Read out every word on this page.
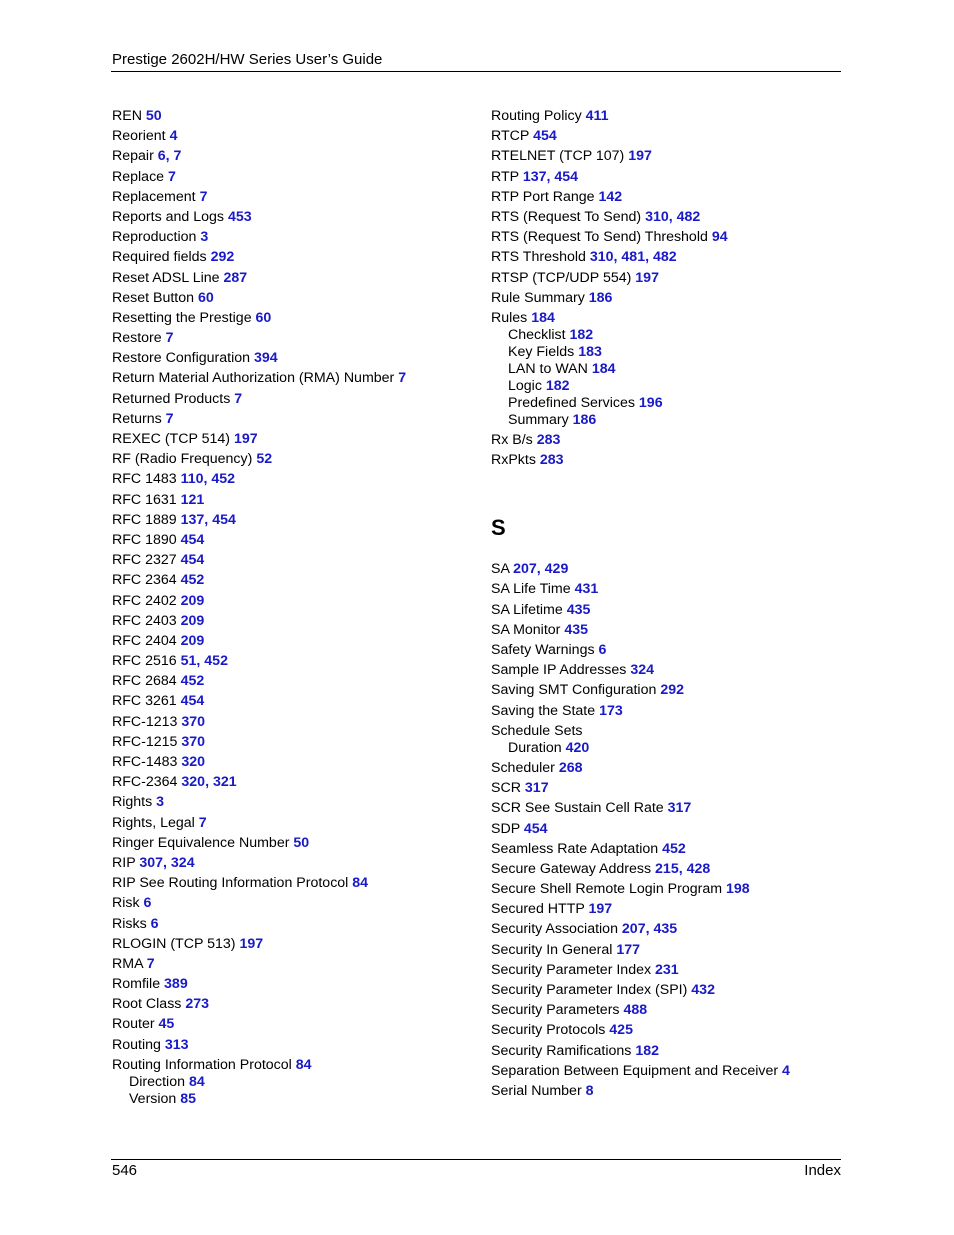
Prestige 2602H/HW Series User’s Guide
REN 50
Reorient 4
Repair 6, 7
Replace 7
Replacement 7
Reports and Logs 453
Reproduction 3
Required fields 292
Reset ADSL Line 287
Reset Button 60
Resetting the Prestige 60
Restore 7
Restore Configuration 394
Return Material Authorization (RMA) Number 7
Returned Products 7
Returns 7
REXEC (TCP 514) 197
RF (Radio Frequency) 52
RFC 1483 110, 452
RFC 1631 121
RFC 1889 137, 454
RFC 1890 454
RFC 2327 454
RFC 2364 452
RFC 2402 209
RFC 2403 209
RFC 2404 209
RFC 2516 51, 452
RFC 2684 452
RFC 3261 454
RFC-1213 370
RFC-1215 370
RFC-1483 320
RFC-2364 320, 321
Rights 3
Rights, Legal 7
Ringer Equivalence Number 50
RIP 307, 324
RIP See Routing Information Protocol 84
Risk 6
Risks 6
RLOGIN (TCP 513) 197
RMA 7
Romfile 389
Root Class 273
Router 45
Routing 313
Routing Information Protocol 84
Direction 84
Version 85
Routing Policy 411
RTCP 454
RTELNET (TCP 107) 197
RTP 137, 454
RTP Port Range 142
RTS (Request To Send) 310, 482
RTS (Request To Send) Threshold 94
RTS Threshold 310, 481, 482
RTSP (TCP/UDP 554) 197
Rule Summary 186
Rules 184
Checklist 182
Key Fields 183
LAN to WAN 184
Logic 182
Predefined Services 196
Summary 186
Rx B/s 283
RxPkts 283
S
SA 207, 429
SA Life Time 431
SA Lifetime 435
SA Monitor 435
Safety Warnings 6
Sample IP Addresses 324
Saving SMT Configuration 292
Saving the State 173
Schedule Sets
Duration 420
Scheduler 268
SCR 317
SCR See Sustain Cell Rate 317
SDP 454
Seamless Rate Adaptation 452
Secure Gateway Address 215, 428
Secure Shell Remote Login Program 198
Secured HTTP 197
Security Association 207, 435
Security In General 177
Security Parameter Index 231
Security Parameter Index (SPI) 432
Security Parameters 488
Security Protocols 425
Security Ramifications 182
Separation Between Equipment and Receiver 4
Serial Number 8
546	Index
